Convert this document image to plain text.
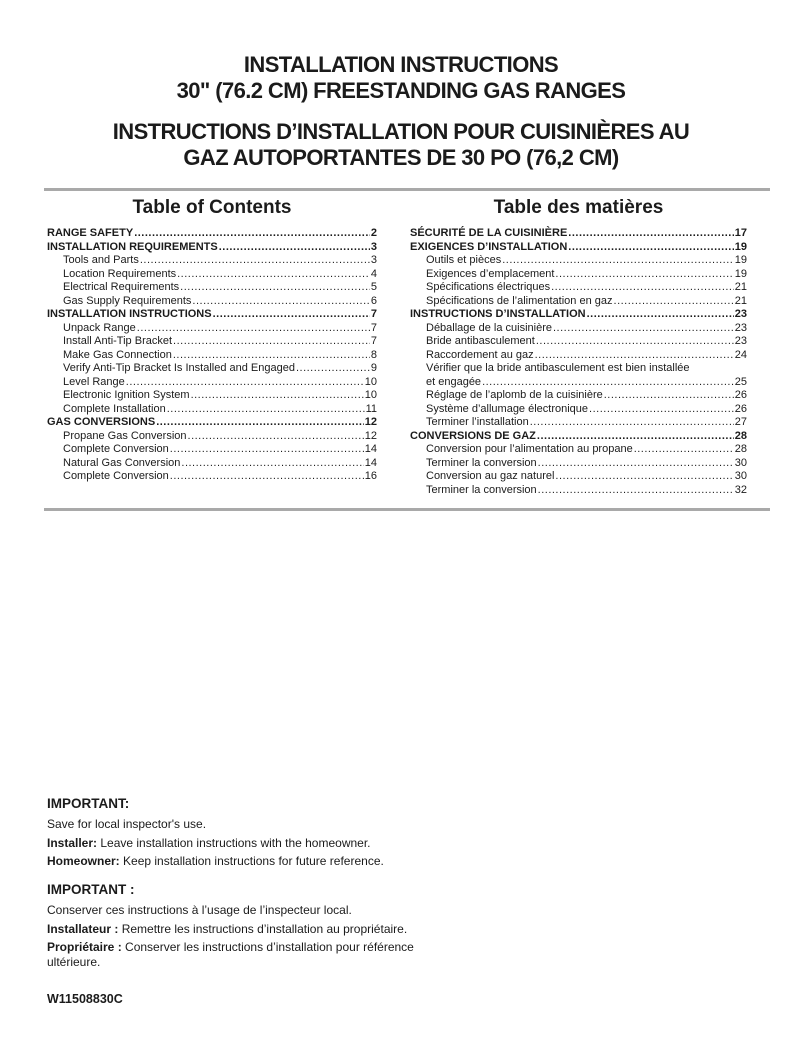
INSTALLATION INSTRUCTIONS
30" (76.2 CM) FREESTANDING GAS RANGES
INSTRUCTIONS D’INSTALLATION POUR CUISINIÈRES AU
GAZ AUTOPORTANTES DE 30 PO (76,2 CM)
Table of Contents
RANGE SAFETY .....	2
INSTALLATION REQUIREMENTS .....	3
Tools and Parts .....	3
Location Requirements .....	4
Electrical Requirements .....	5
Gas Supply Requirements .....	6
INSTALLATION INSTRUCTIONS .....	7
Unpack Range .....	7
Install Anti-Tip Bracket .....	7
Make Gas Connection .....	8
Verify Anti-Tip Bracket Is Installed and Engaged .....	9
Level Range .....	10
Electronic Ignition System .....	10
Complete Installation .....	11
GAS CONVERSIONS .....	12
Propane Gas Conversion .....	12
Complete Conversion .....	14
Natural Gas Conversion .....	14
Complete Conversion .....	16
Table des matières
SÉCURITÉ DE LA CUISINIÈRE .....	17
EXIGENCES D’INSTALLATION .....	19
Outils et pièces .....	19
Exigences d’emplacement .....	19
Spécifications électriques .....	21
Spécifications de l’alimentation en gaz .....	21
INSTRUCTIONS D’INSTALLATION .....	23
Déballage de la cuisinière .....	23
Bride antibasculement .....	23
Raccordement au gaz .....	24
Vérifier que la bride antibasculement est bien installée
et engagée .....	25
Réglage de l’aplomb de la cuisinière .....	26
Système d’allumage électronique .....	26
Terminer l’installation .....	27
CONVERSIONS DE GAZ .....	28
Conversion pour l’alimentation au propane .....	28
Terminer la conversion .....	30
Conversion au gaz naturel .....	30
Terminer la conversion .....	32
IMPORTANT:
Save for local inspector's use.
Installer: Leave installation instructions with the homeowner.
Homeowner: Keep installation instructions for future reference.
IMPORTANT :
Conserver ces instructions à l’usage de l’inspecteur local.
Installateur : Remettre les instructions d’installation au propriétaire.
Propriétaire : Conserver les instructions d’installation pour référence ultérieure.
W11508830C
